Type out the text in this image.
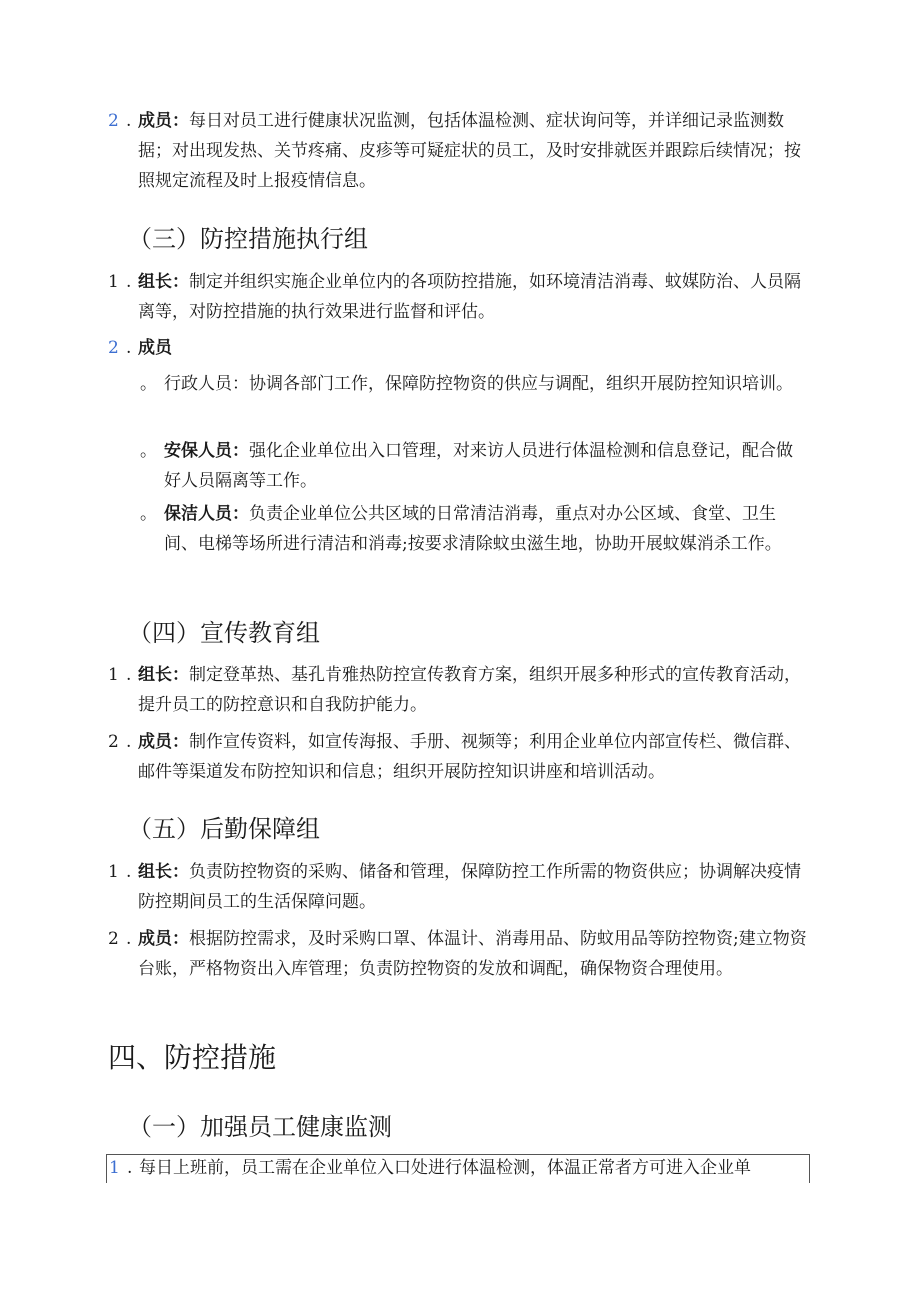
2 . 成员：每日对员工进行健康状况监测，包括体温检测、症状询问等，并详细记录监测数据；对出现发热、关节疼痛、皮疹等可疑症状的员工，及时安排就医并跟踪后续情况；按照规定流程及时上报疫情信息。
（三）防控措施执行组
1 . 组长：制定并组织实施企业单位内的各项防控措施，如环境清洁消毒、蚊媒防治、人员隔离等，对防控措施的执行效果进行监督和评估。
2 . 成员
。 行政人员：协调各部门工作，保障防控物资的供应与调配，组织开展防控知识培训。
。 安保人员：强化企业单位出入口管理，对来访人员进行体温检测和信息登记，配合做好人员隔离等工作。
。 保洁人员：负责企业单位公共区域的日常清洁消毒，重点对办公区域、食堂、卫生间、电梯等场所进行清洁和消毒;按要求清除蚊虫滋生地，协助开展蚊媒消杀工作。
（四）宣传教育组
1 . 组长：制定登革热、基孔肯雅热防控宣传教育方案，组织开展多种形式的宣传教育活动，提升员工的防控意识和自我防护能力。
2 . 成员：制作宣传资料，如宣传海报、手册、视频等；利用企业单位内部宣传栏、微信群、邮件等渠道发布防控知识和信息；组织开展防控知识讲座和培训活动。
（五）后勤保障组
1 . 组长：负责防控物资的采购、储备和管理，保障防控工作所需的物资供应；协调解决疫情防控期间员工的生活保障问题。
2 . 成员：根据防控需求，及时采购口罩、体温计、消毒用品、防蚊用品等防控物资;建立物资台账，严格物资出入库管理；负责防控物资的发放和调配，确保物资合理使用。
四、防控措施
（一）加强员工健康监测
1 . 每日上班前，员工需在企业单位入口处进行体温检测，体温正常者方可进入企业单
